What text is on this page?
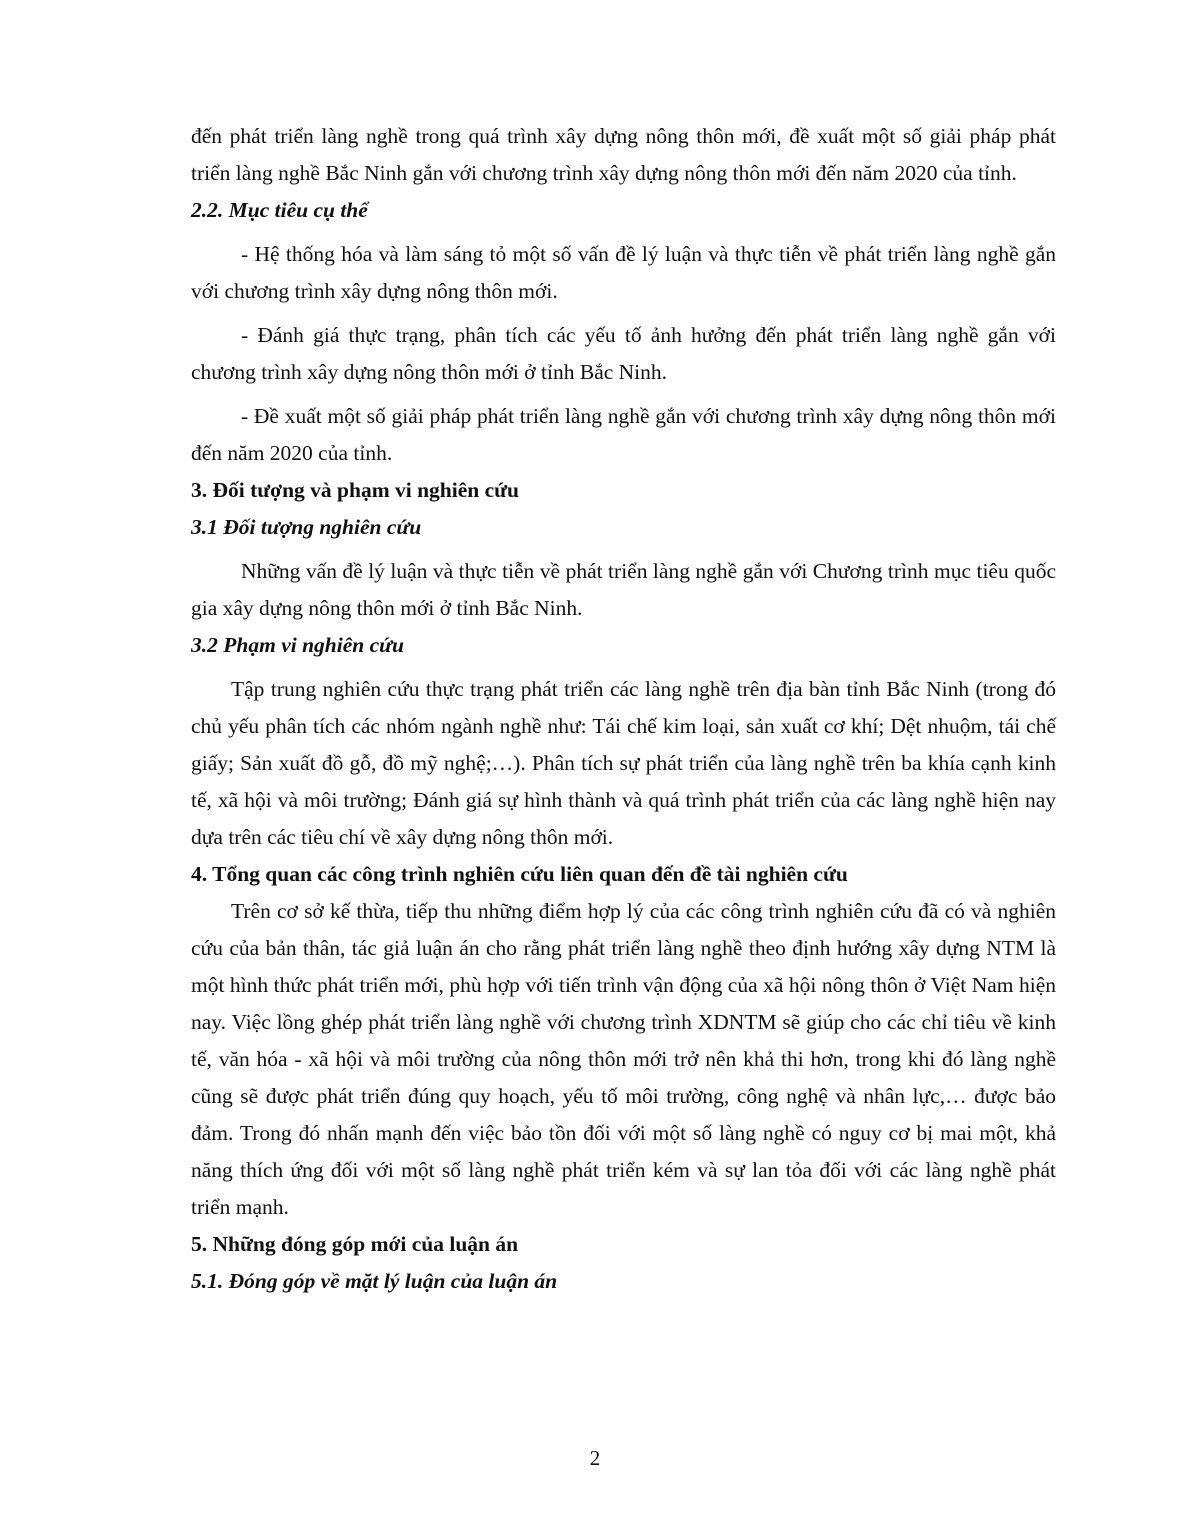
đến phát triển làng nghề trong quá trình xây dựng nông thôn mới, đề xuất một số giải pháp phát triển làng nghề Bắc Ninh gắn với chương trình xây dựng nông thôn mới đến năm 2020 của tỉnh.

2.2. Mục tiêu cụ thể

- Hệ thống hóa và làm sáng tỏ một số vấn đề lý luận và thực tiễn về phát triển làng nghề gắn với chương trình xây dựng nông thôn mới.

- Đánh giá thực trạng, phân tích các yếu tố ảnh hưởng đến phát triển làng nghề gắn với chương trình xây dựng nông thôn mới ở tỉnh Bắc Ninh.

- Đề xuất một số giải pháp phát triển làng nghề gắn với chương trình xây dựng nông thôn mới đến năm 2020 của tỉnh.

3. Đối tượng và phạm vi nghiên cứu

3.1 Đối tượng nghiên cứu

Những vấn đề lý luận và thực tiễn về phát triển làng nghề gắn với Chương trình mục tiêu quốc gia xây dựng nông thôn mới ở tỉnh Bắc Ninh.

3.2 Phạm vi nghiên cứu

Tập trung nghiên cứu thực trạng phát triển các làng nghề trên địa bàn tỉnh Bắc Ninh (trong đó chủ yếu phân tích các nhóm ngành nghề như: Tái chế kim loại, sản xuất cơ khí; Dệt nhuộm, tái chế giấy; Sản xuất đồ gỗ, đồ mỹ nghệ;…). Phân tích sự phát triển của làng nghề trên ba khía cạnh kinh tế, xã hội và môi trường; Đánh giá sự hình thành và quá trình phát triển của các làng nghề hiện nay dựa trên các tiêu chí về xây dựng nông thôn mới.

4. Tổng quan các công trình nghiên cứu liên quan đến đề tài nghiên cứu

Trên cơ sở kế thừa, tiếp thu những điểm hợp lý của các công trình nghiên cứu đã có và nghiên cứu của bản thân, tác giả luận án cho rằng phát triển làng nghề theo định hướng xây dựng NTM là một hình thức phát triển mới, phù hợp với tiến trình vận động của xã hội nông thôn ở Việt Nam hiện nay. Việc lồng ghép phát triển làng nghề với chương trình XDNTM sẽ giúp cho các chỉ tiêu về kinh tế, văn hóa - xã hội và môi trường của nông thôn mới trở nên khả thi hơn, trong khi đó làng nghề cũng sẽ được phát triển đúng quy hoạch, yếu tố môi trường, công nghệ và nhân lực,… được bảo đảm. Trong đó nhấn mạnh đến việc bảo tồn đối với một số làng nghề có nguy cơ bị mai một, khả năng thích ứng đối với một số làng nghề phát triển kém và sự lan tỏa đối với các làng nghề phát triển mạnh.

5. Những đóng góp mới của luận án

5.1. Đóng góp về mặt lý luận của luận án

2
